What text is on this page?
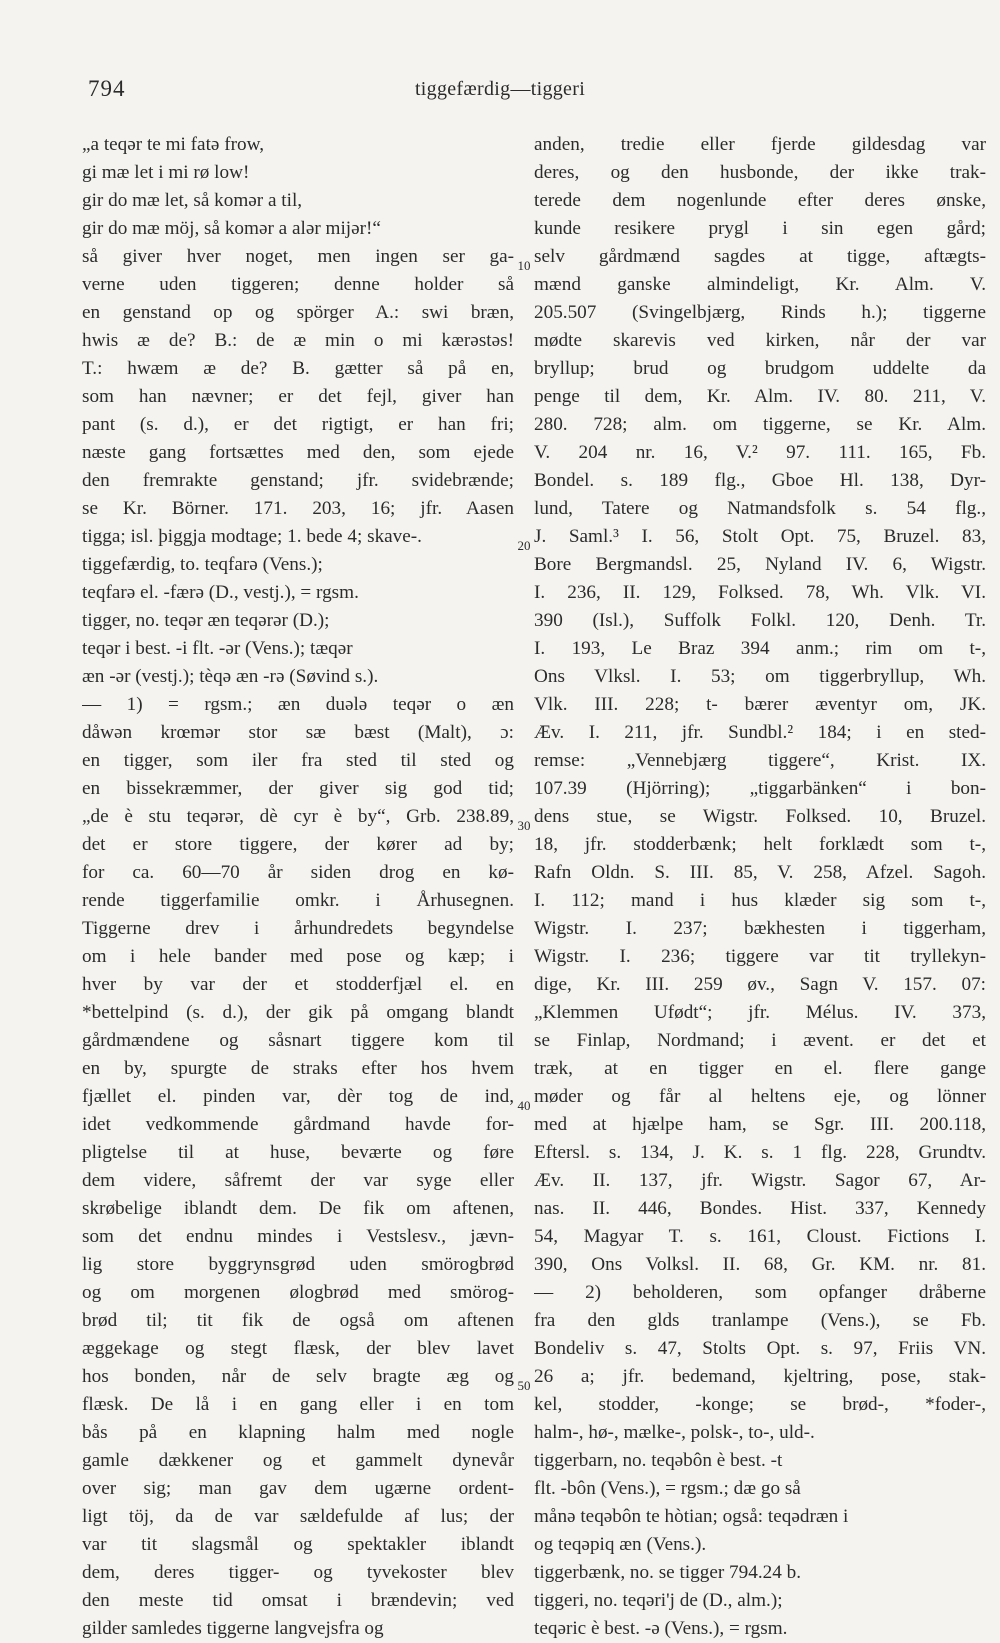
794	tiggefærdig—tiggeri
„a teqər te mi fatə frow,
gi mæ let i mi rø low!
gir do mæ let, så komər a til,
gir do mæ möj, så komər a alər mijər!“
så giver hver noget, men ingen ser ga-
verne uden tiggeren; denne holder så
en genstand op og spörger A.: swi bræn,
hwis æ de? B.: de æ min o mi kærəstəs!
T.: hwæm æ de? B. gætter så på en,
som han nævner; er det fejl, giver han
pant (s. d.), er det rigtigt, er han fri;
næste gang fortsættes med den, som ejede
den fremrakte genstand; jfr. svidebrænde;
se Kr. Börner. 171. 203, 16; jfr. Aasen
tigga; isl. þiggja modtage; 1. bede 4; skave-.
tiggefærdig, to. teqfarə (Vens.);
teqfarə el. -færə (D., vestj.), = rgsm.
tigger, no. teqər æn teqərər (D.);
teqər i best. -i flt. -ər (Vens.); tæqər
æn -ər (vestj.); tèqə æn -rə (Søvind s.).
— 1) = rgsm.; æn duələ teqər o æn
dåwən krœmər stor sæ bæst (Malt), ɔ:
en tigger, som iler fra sted til sted og
en bissekræmmer, der giver sig god tid;
„de è stu teqərər, dè cyr è by“, Grb. 238.89,
det er store tiggere, der kører ad by;
for ca. 60—70 år siden drog en kø-
rende tiggerfamilie omkr. i Århusegnen.
Tiggerne drev i århundredets begyndelse
om i hele bander med pose og kæp; i
hver by var der et stodderfjæl el. en
*bettelpind (s. d.), der gik på omgang blandt
gårdmændene og såsnart tiggere kom til
en by, spurgte de straks efter hos hvem
fjællet el. pinden var, dèr tog de ind,
idet vedkommende gårdmand havde for-
pligtelse til at huse, beværte og føre
dem videre, såfremt der var syge eller
skrøbelige iblandt dem. De fik om aftenen,
som det endnu mindes i Vestslesv., jævn-
lig store byggrynsgrød uden smörogbrød
og om morgenen ølogbrød med smörog-
brød til; tit fik de også om aftenen
æggekage og stegt flæsk, der blev lavet
hos bonden, når de selv bragte æg og
flæsk. De lå i en gang eller i en tom
bås på en klapning halm med nogle
gamle dækkener og et gammelt dynevår
over sig; man gav dem ugærne ordent-
ligt töj, da de var sældefulde af lus; der
var tit slagsmål og spektakler iblandt
dem, deres tigger- og tyvekoster blev
den meste tid omsat i brændevin; ved
gilder samledes tiggerne langvejsfra og
anden, tredie eller fjerde gildesdag var
deres, og den husbonde, der ikke trak-
terede dem nogenlunde efter deres ønske,
kunde resikere prygl i sin egen gård;
selv gårdmænd sagdes at tigge, aftægts-
mænd ganske almindeligt, Kr. Alm. V.
205.507 (Svingelbjærg, Rinds h.); tiggerne
mødte skarevis ved kirken, når der var
bryllup; brud og brudgom uddelte da
penge til dem, Kr. Alm. IV. 80. 211, V.
280. 728; alm. om tiggerne, se Kr. Alm.
V. 204 nr. 16, V.² 97. 111. 165, Fb.
Bondel. s. 189 flg., Gboe Hl. 138, Dyr-
lund, Tatere og Natmandsfolk s. 54 flg.,
J. Saml.³ I. 56, Stolt Opt. 75, Bruzel. 83,
Bore Bergmandsl. 25, Nyland IV. 6, Wigstr.
I. 236, II. 129, Folksed. 78, Wh. Vlk. VI.
390 (Isl.), Suffolk Folkl. 120, Denh. Tr.
I. 193, Le Braz 394 anm.; rim om t-,
Ons Vlksl. I. 53; om tiggerbryllup, Wh.
Vlk. III. 228; t- bærer æventyr om, JK.
Æv. I. 211, jfr. Sundbl.² 184; i en sted-
remse: „Vennebjærg tiggere“, Krist. IX.
107.39 (Hjörring); „tiggarbänken“ i bon-
dens stue, se Wigstr. Folksed. 10, Bruzel.
18, jfr. stodderbænk; helt forklædt som t-,
Rafn Oldn. S. III. 85, V. 258, Afzel. Sagoh.
I. 112; mand i hus klæder sig som t-,
Wigstr. I. 237; bækhesten i tiggerham,
Wigstr. I. 236; tiggere var tit tryllekyn-
dige, Kr. III. 259 øv., Sagn V. 157. 07:
„Klemmen Ufødt“; jfr. Mélus. IV. 373,
se Finlap, Nordmand; i ævent. er det et
træk, at en tigger en el. flere gange
møder og får al heltens eje, og lönner
med at hjælpe ham, se Sgr. III. 200.118,
Eftersl. s. 134, J. K. s. 1 flg. 228, Grundtv.
Æv. II. 137, jfr. Wigstr. Sagor 67, Ar-
nas. II. 446, Bondes. Hist. 337, Kennedy
54, Magyar T. s. 161, Cloust. Fictions I.
390, Ons Volksl. II. 68, Gr. KM. nr. 81.
— 2) beholderen, som opfanger dråberne
fra den glds tranlampe (Vens.), se Fb.
Bondeliv s. 47, Stolts Opt. s. 97, Friis VN.
26 a; jfr. bedemand, kjeltring, pose, stak-
kel, stodder, -konge; se brød-, *foder-,
halm-, hø-, mælke-, polsk-, to-, uld-.
tiggerbarn, no. teqəbôn è best. -t
flt. -bôn (Vens.), = rgsm.; dæ go så
månə teqəbôn te hòtian; også: teqədræn i
og teqəpiq æn (Vens.).
tiggerbænk, no. se tigger 794.24 b.
tiggeri, no. teqəri'j de (D., alm.);
teqəric è best. -ə (Vens.), = rgsm.
10
20
30
40
50
